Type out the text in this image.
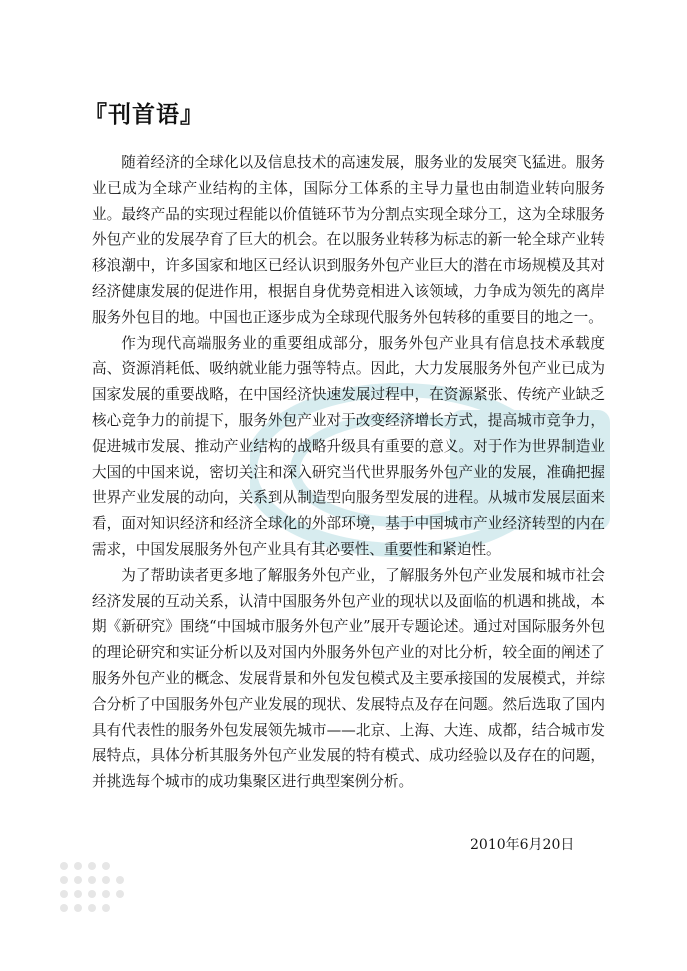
『刊首语』

随着经济的全球化以及信息技术的高速发展，服务业的发展突飞猛进。服务业已成为全球产业结构的主体，国际分工体系的主导力量也由制造业转向服务业。最终产品的实现过程能以价值链环节为分割点实现全球分工，这为全球服务外包产业的发展孕育了巨大的机会。在以服务业转移为标志的新一轮全球产业转移浪潮中，许多国家和地区已经认识到服务外包产业巨大的潜在市场规模及其对经济健康发展的促进作用，根据自身优势竞相进入该领域，力争成为领先的离岸服务外包目的地。中国也正逐步成为全球现代服务外包转移的重要目的地之一。

作为现代高端服务业的重要组成部分，服务外包产业具有信息技术承载度高、资源消耗低、吸纳就业能力强等特点。因此，大力发展服务外包产业已成为国家发展的重要战略，在中国经济快速发展过程中，在资源紧张、传统产业缺乏核心竞争力的前提下，服务外包产业对于改变经济增长方式，提高城市竞争力，促进城市发展、推动产业结构的战略升级具有重要的意义。对于作为世界制造业大国的中国来说，密切关注和深入研究当代世界服务外包产业的发展，准确把握世界产业发展的动向，关系到从制造型向服务型发展的进程。从城市发展层面来看，面对知识经济和经济全球化的外部环境，基于中国城市产业经济转型的内在需求，中国发展服务外包产业具有其必要性、重要性和紧迫性。

为了帮助读者更多地了解服务外包产业，了解服务外包产业发展和城市社会经济发展的互动关系，认清中国服务外包产业的现状以及面临的机遇和挑战，本期《新研究》围绕“中国城市服务外包产业”展开专题论述。通过对国际服务外包的理论研究和实证分析以及对国内外服务外包产业的对比分析，较全面的阐述了服务外包产业的概念、发展背景和外包发包模式及主要承接国的发展模式，并综合分析了中国服务外包产业发展的现状、发展特点及存在问题。然后选取了国内具有代表性的服务外包发展领先城市——北京、上海、大连、成都，结合城市发展特点，具体分析其服务外包产业发展的特有模式、成功经验以及存在的问题，并挑选每个城市的成功集聚区进行典型案例分析。

2010年6月20日
